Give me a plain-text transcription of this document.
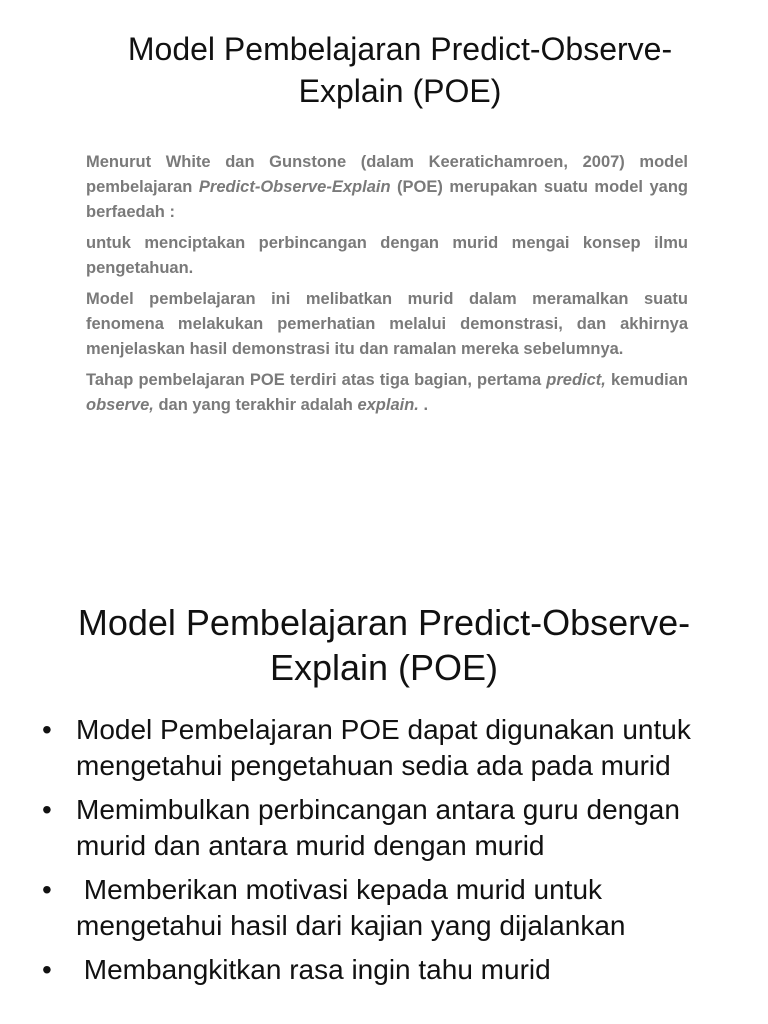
Model Pembelajaran Predict-Observe-Explain (POE)

Menurut White dan Gunstone (dalam Keeratichamroen, 2007) model pembelajaran Predict-Observe-Explain (POE) merupakan suatu model yang berfaedah :

untuk menciptakan perbincangan dengan murid mengai konsep ilmu pengetahuan.

Model pembelajaran ini melibatkan murid dalam meramalkan suatu fenomena melakukan pemerhatian melalui demonstrasi, dan akhirnya menjelaskan hasil demonstrasi itu dan ramalan mereka sebelumnya.

Tahap pembelajaran POE terdiri atas tiga bagian, pertama predict, kemudian observe, dan yang terakhir adalah explain. .

Model Pembelajaran Predict-Observe-Explain (POE)
• Model Pembelajaran POE dapat digunakan untuk mengetahui pengetahuan sedia ada pada murid
• Memimbulkan perbincangan antara guru dengan murid dan antara murid dengan murid
• Memberikan motivasi kepada murid untuk mengetahui hasil dari kajian yang dijalankan
• Membangkitkan rasa ingin tahu murid
